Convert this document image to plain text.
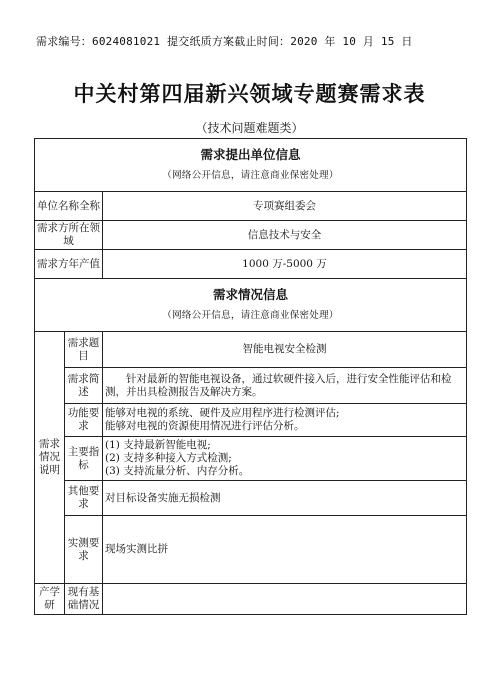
需求编号：6024081021 提交纸质方案截止时间：2020 年 10 月 15 日
中关村第四届新兴领域专题赛需求表
（技术问题难题类）
需求提出单位信息
（网络公开信息，请注意商业保密处理）		

单位名称全称		专项赛组委会
需求方所在领域		信息技术与安全
需求方年产值		1000 万-5000 万

需求情况信息
（网络公开信息，请注意商业保密处理）		

需求情况说明	需求题目	智能电视安全检测
	需求简述	针对最新的智能电视设备，通过软硬件接入后，进行安全性能评估和检测，并出具检测报告及解决方案。
	功能要求	能够对电视的系统、硬件及应用程序进行检测评估;
能够对电视的资源使用情况进行评估分析。

	主要指标	(1) 支持最新智能电视;
(2) 支持多种接入方式检测;
(3) 支持流量分析、内存分析。

	其他要求	对目标设备实施无损检测
	实测要求	现场实测比拼
产学研	现有基础情况	
